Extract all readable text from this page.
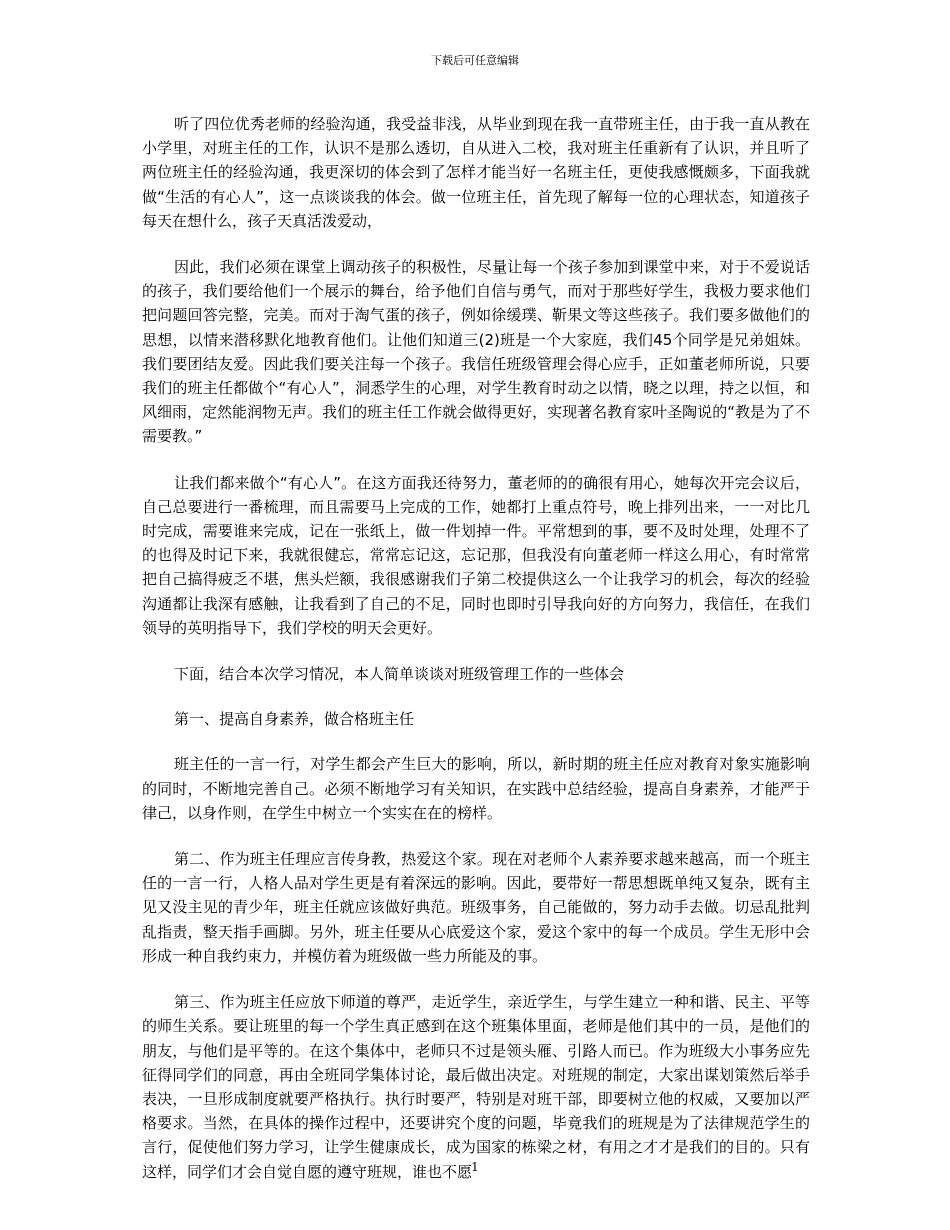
下载后可任意编辑

听了四位优秀老师的经验沟通，我受益非浅，从毕业到现在我一直带班主任，由于我一直从教在小学里，对班主任的工作，认识不是那么透切，自从进入二校，我对班主任重新有了认识，并且听了两位班主任的经验沟通，我更深切的体会到了怎样才能当好一名班主任，更使我感慨颇多，下面我就做“生活的有心人”，这一点谈谈我的体会。做一位班主任，首先现了解每一位的心理状态，知道孩子每天在想什么，孩子天真活泼爱动，

因此，我们必须在课堂上调动孩子的积极性，尽量让每一个孩子参加到课堂中来，对于不爱说话的孩子，我们要给他们一个展示的舞台，给予他们自信与勇气，而对于那些好学生，我极力要求他们把问题回答完整，完美。而对于淘气蛋的孩子，例如徐缓璞、靳果文等这些孩子。我们要多做他们的思想，以情来潜移默化地教育他们。让他们知道三(2)班是一个大家庭，我们45个同学是兄弟姐妹。我们要团结友爱。因此我们要关注每一个孩子。我信任班级管理会得心应手，正如董老师所说，只要我们的班主任都做个“有心人”，洞悉学生的心理，对学生教育时动之以情，晓之以理，持之以恒，和风细雨，定然能润物无声。我们的班主任工作就会做得更好，实现著名教育家叶圣陶说的“教是为了不需要教。”

让我们都来做个“有心人”。在这方面我还待努力，董老师的的确很有用心，她每次开完会议后，自己总要进行一番梳理，而且需要马上完成的工作，她都打上重点符号，晚上排列出来，一一对比几时完成，需要谁来完成，记在一张纸上，做一件划掉一件。平常想到的事，要不及时处理，处理不了的也得及时记下来，我就很健忘，常常忘记这，忘记那，但我没有向董老师一样这么用心，有时常常把自己搞得疲乏不堪，焦头烂额，我很感谢我们子第二校提供这么一个让我学习的机会，每次的经验沟通都让我深有感触，让我看到了自己的不足，同时也即时引导我向好的方向努力，我信任，在我们领导的英明指导下，我们学校的明天会更好。

下面，结合本次学习情况，本人简单谈谈对班级管理工作的一些体会

第一、提高自身素养，做合格班主任

班主任的一言一行，对学生都会产生巨大的影响，所以，新时期的班主任应对教育对象实施影响的同时，不断地完善自己。必须不断地学习有关知识，在实践中总结经验，提高自身素养，才能严于律己，以身作则，在学生中树立一个实实在在的榜样。

第二、作为班主任理应言传身教，热爱这个家。现在对老师个人素养要求越来越高，而一个班主任的一言一行，人格人品对学生更是有着深远的影响。因此，要带好一帮思想既单纯又复杂，既有主见又没主见的青少年，班主任就应该做好典范。班级事务，自己能做的，努力动手去做。切忌乱批判乱指责，整天指手画脚。另外，班主任要从心底爱这个家，爱这个家中的每一个成员。学生无形中会形成一种自我约束力，并模仿着为班级做一些力所能及的事。

第三、作为班主任应放下师道的尊严，走近学生，亲近学生，与学生建立一种和谐、民主、平等的师生关系。要让班里的每一个学生真正感到在这个班集体里面，老师是他们其中的一员，是他们的朋友，与他们是平等的。在这个集体中，老师只不过是领头雁、引路人而已。作为班级大小事务应先征得同学们的同意，再由全班同学集体讨论，最后做出决定。对班规的制定，大家出谋划策然后举手表决，一旦形成制度就要严格执行。执行时要严，特别是对班干部，即要树立他的权威，又要加以严格要求。当然，在具体的操作过程中，还要讲究个度的问题，毕竟我们的班规是为了法律规范学生的言行，促使他们努力学习，让学生健康成长，成为国家的栋梁之材，有用之才才是我们的目的。只有这样，同学们才会自觉自愿的遵守班规，谁也不愿 1
